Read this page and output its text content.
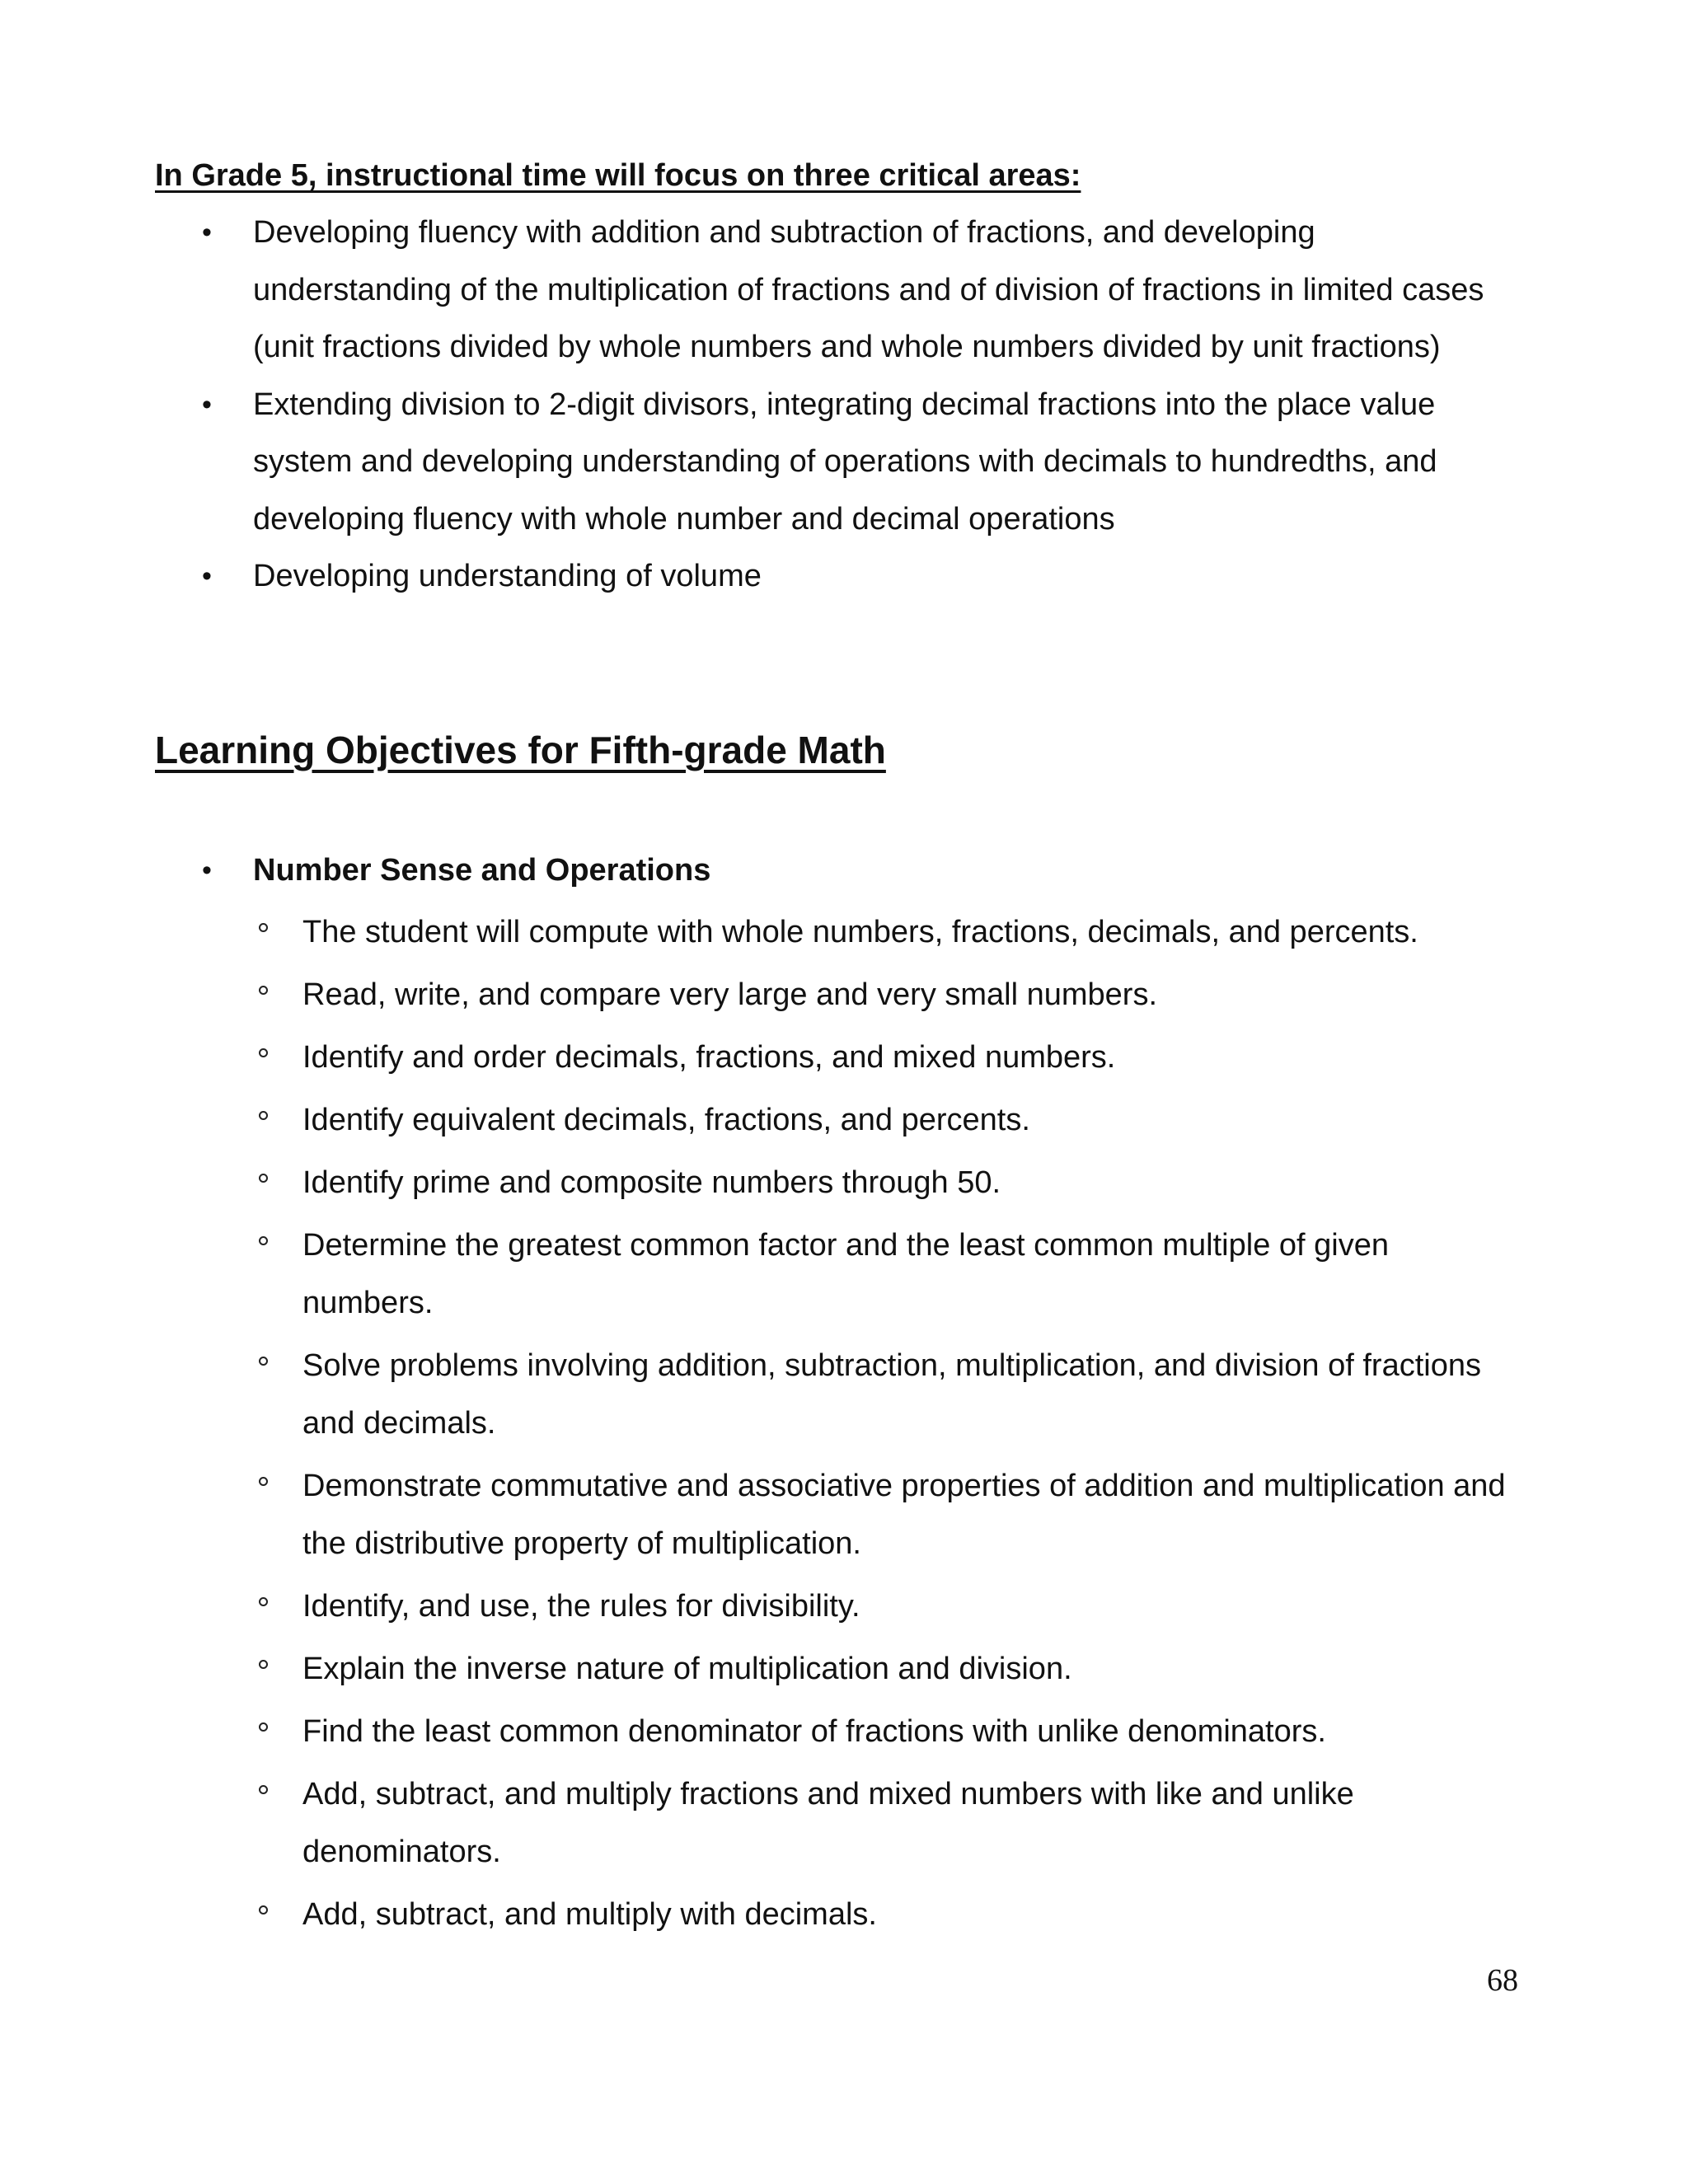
In Grade 5, instructional time will focus on three critical areas:
• Developing fluency with addition and subtraction of fractions, and developing understanding of the multiplication of fractions and of division of fractions in limited cases (unit fractions divided by whole numbers and whole numbers divided by unit fractions)
• Extending division to 2-digit divisors, integrating decimal fractions into the place value system and developing understanding of operations with decimals to hundredths, and developing fluency with whole number and decimal operations
• Developing understanding of volume
Learning Objectives for Fifth-grade Math
• Number Sense and Operations
The student will compute with whole numbers, fractions, decimals, and percents.
Read, write, and compare very large and very small numbers.
Identify and order decimals, fractions, and mixed numbers.
Identify equivalent decimals, fractions, and percents.
Identify prime and composite numbers through 50.
Determine the greatest common factor and the least common multiple of given numbers.
Solve problems involving addition, subtraction, multiplication, and division of fractions and decimals.
Demonstrate commutative and associative properties of addition and multiplication and the distributive property of multiplication.
Identify, and use, the rules for divisibility.
Explain the inverse nature of multiplication and division.
Find the least common denominator of fractions with unlike denominators.
Add, subtract, and multiply fractions and mixed numbers with like and unlike denominators.
Add, subtract, and multiply with decimals.
68
